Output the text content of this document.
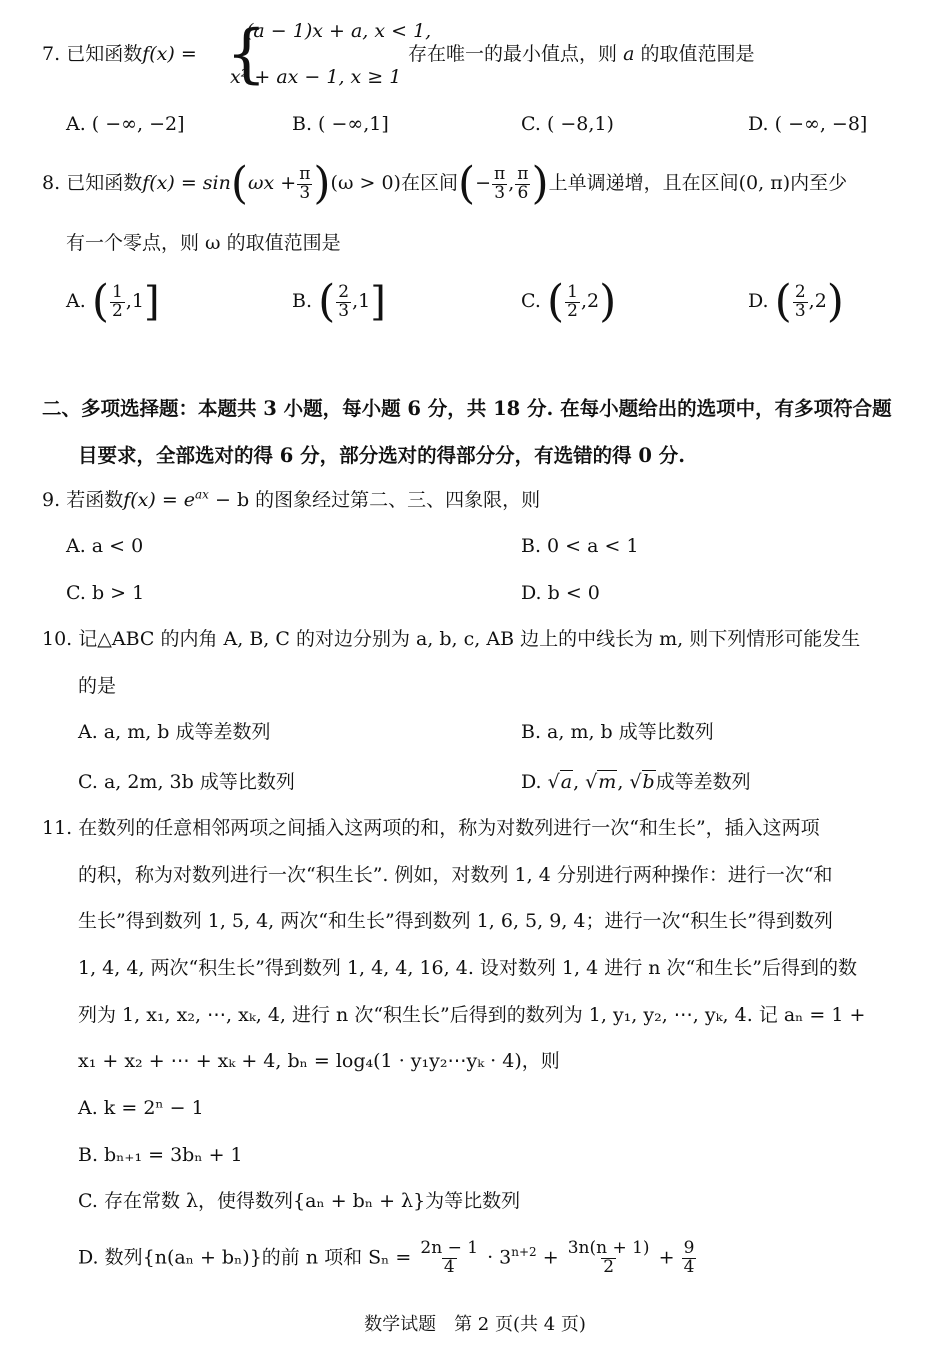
7. 已知函数f(x) = {
(a − 1)x + a, x < 1,
x² + ax − 1, x ≥ 1
存在唯一的最小值点，则 a 的取值范围是
A. ( −∞, −2]	B. ( −∞,1]	C. ( −8,1)	D. ( −∞, −8]
8. 已知函数$f(x) = \sin(\omega x + \frac{\pi}{3} )(\omega > 0)$在区间(− $\frac{\pi}{3}$ , $\frac{\pi}{6}$ )上单调递增，且在区间(0, π)内至少
有一个零点，则 ω 的取值范围是
A. ( $\frac{1}{2} ,1$]	B. ( $\frac{2}{3} ,1$]	C. ( $\frac{1}{2} ,2$)	D. ( $\frac{2}{3} ,2$)
二、多项选择题：本题共 3 小题，每小题 6 分，共 18 分. 在每小题给出的选项中，有多项符合题
目要求，全部选对的得 6 分，部分选对的得部分分，有选错的得 0 分.
9. 若函数$f(x) = e^{ax} - b$ 的图象经过第二、三、四象限，则
A. a < 0	B. 0 < a < 1
C. b > 1	D. b < 0
10. 记△ABC 的内角 A, B, C 的对边分别为 a, b, c, AB 边上的中线长为 m, 则下列情形可能发生
的是
A. a, m, b 成等差数列	B. a, m, b 成等比数列
C. a, 2m, 3b 成等比数列	D. √a, √m, √b成等差数列
11. 在数列的任意相邻两项之间插入这两项的和，称为对数列进行一次“和生长”，插入这两项
的积，称为对数列进行一次“积生长”. 例如，对数列 1, 4 分别进行两种操作：进行一次“和
生长”得到数列 1, 5, 4, 两次“和生长”得到数列 1, 6, 5, 9, 4；进行一次“积生长”得到数列
1, 4, 4, 两次“积生长”得到数列 1, 4, 4, 16, 4. 设对数列 1, 4 进行 n 次“和生长”后得到的数
列为 1, x₁, x₂, ⋯, xₖ, 4, 进行 n 次“积生长”后得到的数列为 1, y₁, y₂, ⋯, yₖ, 4. 记 aₙ = 1 +
x₁ + x₂ + ⋯ + xₖ + 4, bₙ = log₄(1 · y₁y₂⋯yₖ · 4)，则
A. k = 2ⁿ − 1
B. bₙ₊₁ = 3bₙ + 1
C. 存在常数 λ，使得数列{aₙ + bₙ + λ}为等比数列
D. 数列{n(aₙ + bₙ)}的前 n 项和 $S_n = \frac{2n - 1}{4} \cdot 3^{n+2} + \frac{3n(n + 1)}{2} + \frac{9}{4}$
数学试题　第 2 页(共 4 页)
